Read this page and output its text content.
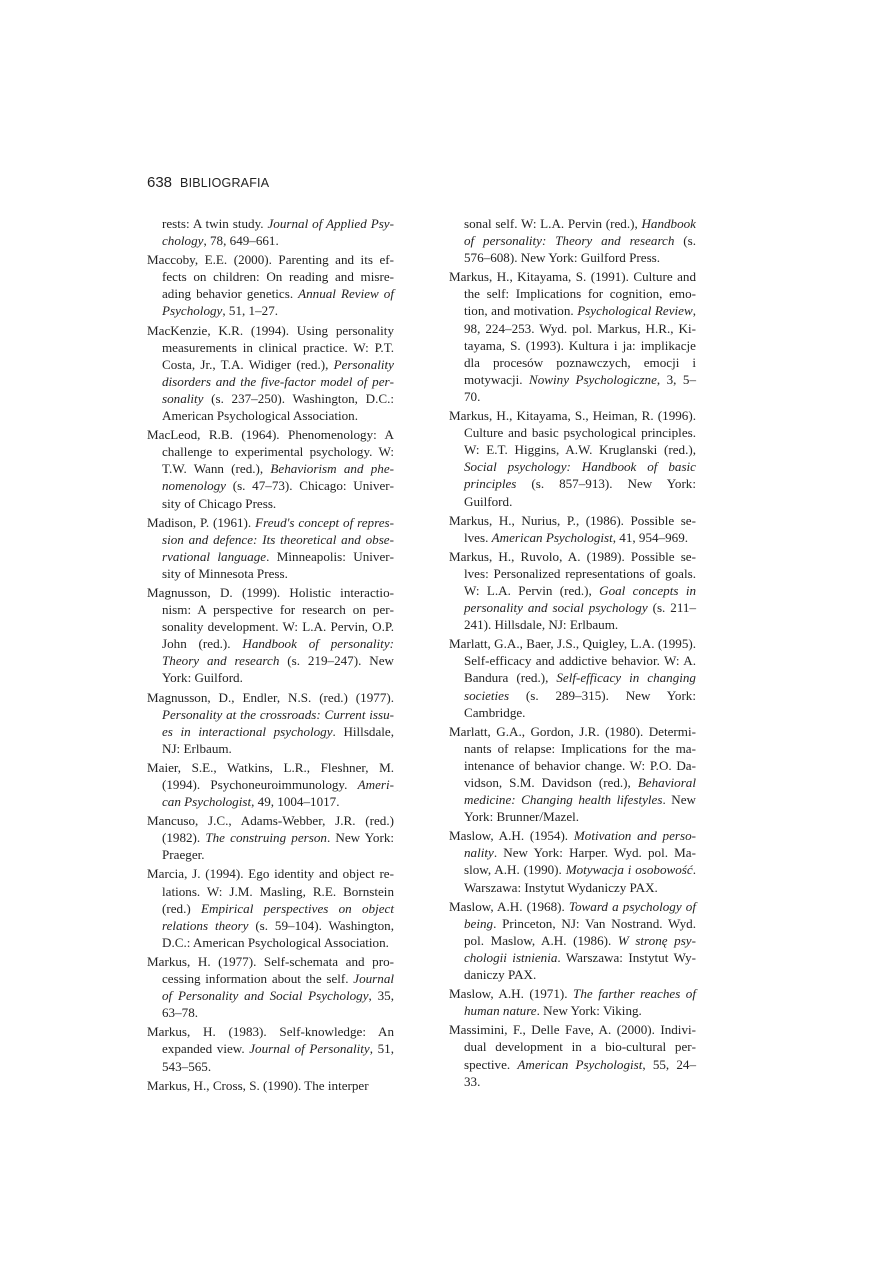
638 BIBLIOGRAFIA

rests: A twin study. Journal of Applied Psychology, 78, 649–661.

Maccoby, E.E. (2000). Parenting and its effects on children: On reading and misreading behavior genetics. Annual Review of Psychology, 51, 1–27.

MacKenzie, K.R. (1994). Using personality measurements in clinical practice. W: P.T. Costa, Jr., T.A. Widiger (red.), Personality disorders and the five-factor model of personality (s. 237–250). Washington, D.C.: American Psychological Association.

MacLeod, R.B. (1964). Phenomenology: A challenge to experimental psychology. W: T.W. Wann (red.), Behaviorism and phenomenology (s. 47–73). Chicago: University of Chicago Press.

Madison, P. (1961). Freud's concept of repression and defence: Its theoretical and observational language. Minneapolis: University of Minnesota Press.

Magnusson, D. (1999). Holistic interactionism: A perspective for research on personality development. W: L.A. Pervin, O.P. John (red.). Handbook of personality: Theory and research (s. 219–247). New York: Guilford.

Magnusson, D., Endler, N.S. (red.) (1977). Personality at the crossroads: Current issues in interactional psychology. Hillsdale, NJ: Erlbaum.

Maier, S.E., Watkins, L.R., Fleshner, M. (1994). Psychoneuroimmunology. American Psychologist, 49, 1004–1017.

Mancuso, J.C., Adams-Webber, J.R. (red.) (1982). The construing person. New York: Praeger.

Marcia, J. (1994). Ego identity and object relations. W: J.M. Masling, R.E. Bornstein (red.) Empirical perspectives on object relations theory (s. 59–104). Washington, D.C.: American Psychological Association.

Markus, H. (1977). Self-schemata and processing information about the self. Journal of Personality and Social Psychology, 35, 63–78.

Markus, H. (1983). Self-knowledge: An expanded view. Journal of Personality, 51, 543–565.

Markus, H., Cross, S. (1990). The interper

sonal self. W: L.A. Pervin (red.), Handbook of personality: Theory and research (s. 576–608). New York: Guilford Press.

Markus, H., Kitayama, S. (1991). Culture and the self: Implications for cognition, emotion, and motivation. Psychological Review, 98, 224–253. Wyd. pol. Markus, H.R., Kitayama, S. (1993). Kultura i ja: implikacje dla procesów poznawczych, emocji i motywacji. Nowiny Psychologiczne, 3, 5–70.

Markus, H., Kitayama, S., Heiman, R. (1996). Culture and basic psychological principles. W: E.T. Higgins, A.W. Kruglanski (red.), Social psychology: Handbook of basic principles (s. 857–913). New York: Guilford.

Markus, H., Nurius, P., (1986). Possible selves. American Psychologist, 41, 954–969.

Markus, H., Ruvolo, A. (1989). Possible selves: Personalized representations of goals. W: L.A. Pervin (red.), Goal concepts in personality and social psychology (s. 211–241). Hillsdale, NJ: Erlbaum.

Marlatt, G.A., Baer, J.S., Quigley, L.A. (1995). Self-efficacy and addictive behavior. W: A. Bandura (red.), Self-efficacy in changing societies (s. 289–315). New York: Cambridge.

Marlatt, G.A., Gordon, J.R. (1980). Determinants of relapse: Implications for the maintenance of behavior change. W: P.O. Davidson, S.M. Davidson (red.), Behavioral medicine: Changing health lifestyles. New York: Brunner/Mazel.

Maslow, A.H. (1954). Motivation and personality. New York: Harper. Wyd. pol. Maslow, A.H. (1990). Motywacja i osobowość. Warszawa: Instytut Wydaniczy PAX.

Maslow, A.H. (1968). Toward a psychology of being. Princeton, NJ: Van Nostrand. Wyd. pol. Maslow, A.H. (1986). W stronę psychologii istnienia. Warszawa: Instytut Wydaniczy PAX.

Maslow, A.H. (1971). The farther reaches of human nature. New York: Viking.

Massimini, F., Delle Fave, A. (2000). Individual development in a bio-cultural perspective. American Psychologist, 55, 24–33.
